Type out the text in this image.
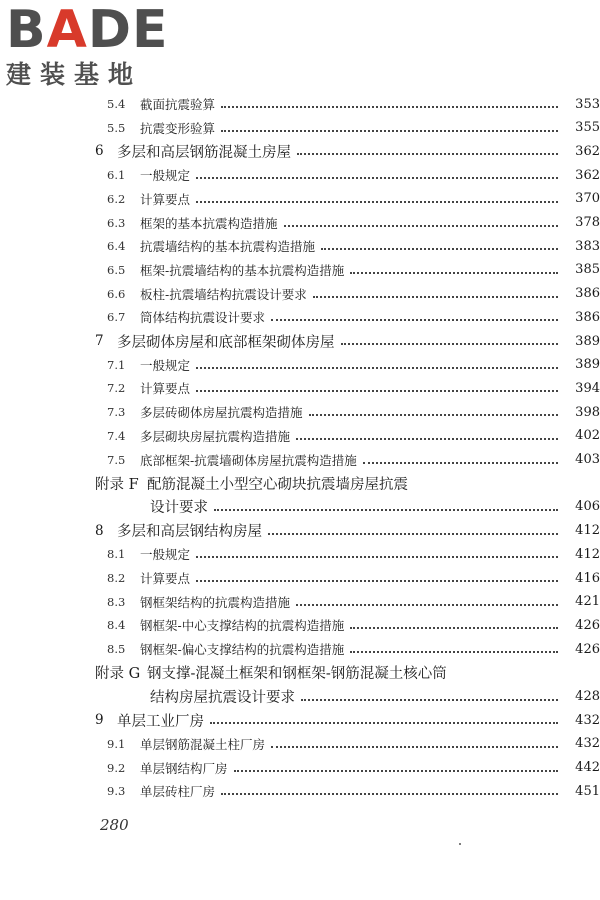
BADE
建装基地
5.4	截面抗震验算	353
5.5	抗震变形验算	355
6 多层和高层钢筋混凝土房屋	362
6.1	一般规定	362
6.2	计算要点	370
6.3	框架的基本抗震构造措施	378
6.4	抗震墙结构的基本抗震构造措施	383
6.5	框架-抗震墙结构的基本抗震构造措施	385
6.6	板柱-抗震墙结构抗震设计要求	386
6.7	筒体结构抗震设计要求	386
7 多层砌体房屋和底部框架砌体房屋	389
7.1	一般规定	389
7.2	计算要点	394
7.3	多层砖砌体房屋抗震构造措施	398
7.4	多层砌块房屋抗震构造措施	402
7.5	底部框架-抗震墙砌体房屋抗震构造措施	403
附录 F 配筋混凝土小型空心砌块抗震墙房屋抗震
设计要求	406
8 多层和高层钢结构房屋	412
8.1	一般规定	412
8.2	计算要点	416
8.3	钢框架结构的抗震构造措施	421
8.4	钢框架-中心支撑结构的抗震构造措施	426
8.5	钢框架-偏心支撑结构的抗震构造措施	426
附录 G 钢支撑-混凝土框架和钢框架-钢筋混凝土核心筒
结构房屋抗震设计要求	428
9 单层工业厂房	432
9.1	单层钢筋混凝土柱厂房	432
9.2	单层钢结构厂房	442
9.3	单层砖柱厂房	451
280
